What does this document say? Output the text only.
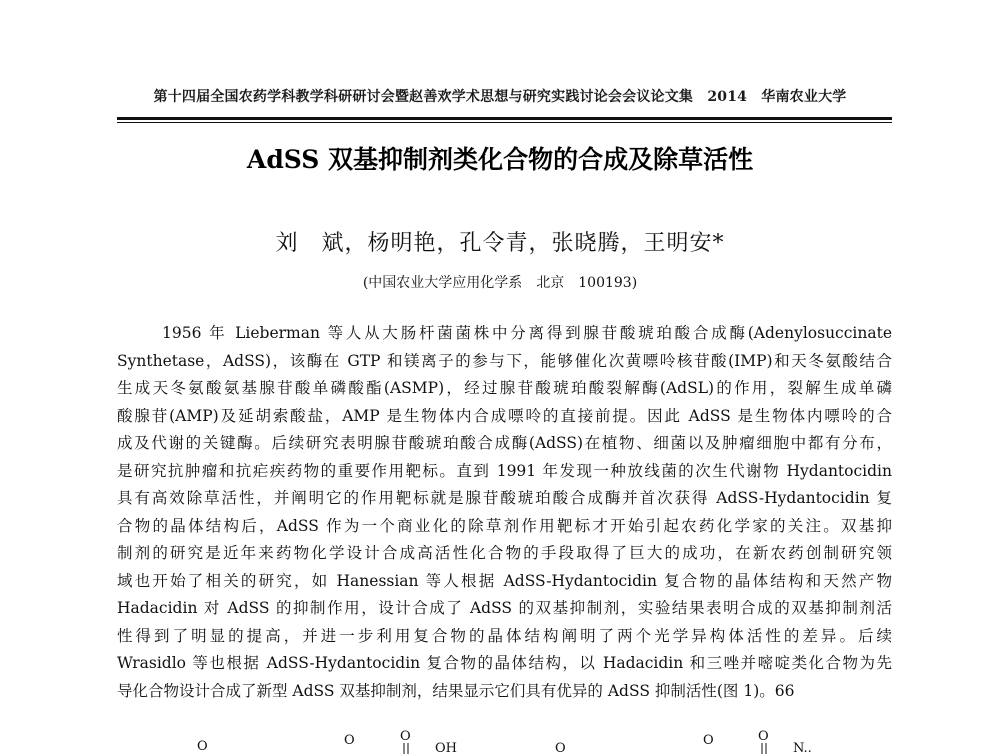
第十四届全国农药学科教学科研研讨会暨赵善欢学术思想与研究实践讨论会会议论文集　2014　华南农业大学
AdSS 双基抑制剂类化合物的合成及除草活性
刘　斌，杨明艳，孔令青，张晓腾，王明安*
(中国农业大学应用化学系　北京　100193)
1956 年 Lieberman 等人从大肠杆菌菌株中分离得到腺苷酸琥珀酸合成酶(Adenylosuccinate
Synthetase，AdSS)，该酶在 GTP 和镁离子的参与下，能够催化次黄嘌呤核苷酸(IMP)和天冬氨酸结合
生成天冬氨酸氨基腺苷酸单磷酸酯(ASMP)，经过腺苷酸琥珀酸裂解酶(AdSL)的作用，裂解生成单磷
酸腺苷(AMP)及延胡索酸盐，AMP 是生物体内合成嘌呤的直接前提。因此 AdSS 是生物体内嘌呤的合
成及代谢的关键酶。后续研究表明腺苷酸琥珀酸合成酶(AdSS)在植物、细菌以及肿瘤细胞中都有分布，
是研究抗肿瘤和抗疟疾药物的重要作用靶标。直到 1991 年发现一种放线菌的次生代谢物 Hydantocidin
具有高效除草活性，并阐明它的作用靶标就是腺苷酸琥珀酸合成酶并首次获得 AdSS-Hydantocidin 复
合物的晶体结构后，AdSS 作为一个商业化的除草剂作用靶标才开始引起农药化学家的关注。双基抑
制剂的研究是近年来药物化学设计合成高活性化合物的手段取得了巨大的成功，在新农药创制研究领
域也开始了相关的研究，如 Hanessian 等人根据 AdSS-Hydantocidin 复合物的晶体结构和天然产物
Hadacidin 对 AdSS 的抑制作用，设计合成了 AdSS 的双基抑制剂，实验结果表明合成的双基抑制剂活
性得到了明显的提高，并进一步利用复合物的晶体结构阐明了两个光学异构体活性的差异。后续
Wrasidlo 等也根据 AdSS-Hydantocidin 复合物的晶体结构，以 Hadacidin 和三唑并嘧啶类化合物为先
导化合物设计合成了新型 AdSS 双基抑制剂，结果显示它们具有优异的 AdSS 抑制活性(图 1)。66
O	O	O
OH	O
O	O
N..
